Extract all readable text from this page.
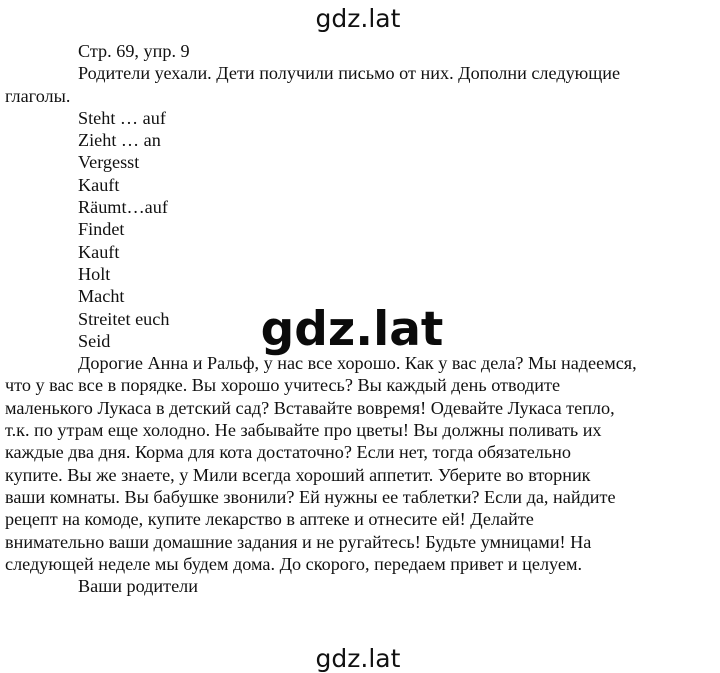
gdz.lat

Стр. 69, упр. 9

Родители уехали. Дети получили письмо от них. Дополни следующие

глаголы.
Steht … auf
Zieht … an
Vergesst
Kauft
Räumt…auf
Findet
Kauft
Holt
Macht
Streitet euch
Seid

Дорогие Анна и Ральф, у нас все хорошо. Как у вас дела? Мы надеемся,

что у вас все в порядке. Вы хорошо учитесь? Вы каждый день отводите
маленького Лукаса в детский сад? Вставайте вовремя! Одевайте Лукаса тепло,
т.к. по утрам еще холодно. Не забывайте про цветы! Вы должны поливать их
каждые два дня. Корма для кота достаточно? Если нет, тогда обязательно
купите. Вы же знаете, у Мили всегда хороший аппетит. Уберите во вторник
ваши комнаты. Вы бабушке звонили? Ей нужны ее таблетки? Если да, найдите
рецепт на комоде, купите лекарство в аптеке и отнесите ей! Делайте
внимательно ваши домашние задания и не ругайтесь! Будьте умницами! На
следующей неделе мы будем дома. До скорого, передаем привет и целуем.

Ваши родители

gdz.lat
gdz.lat
